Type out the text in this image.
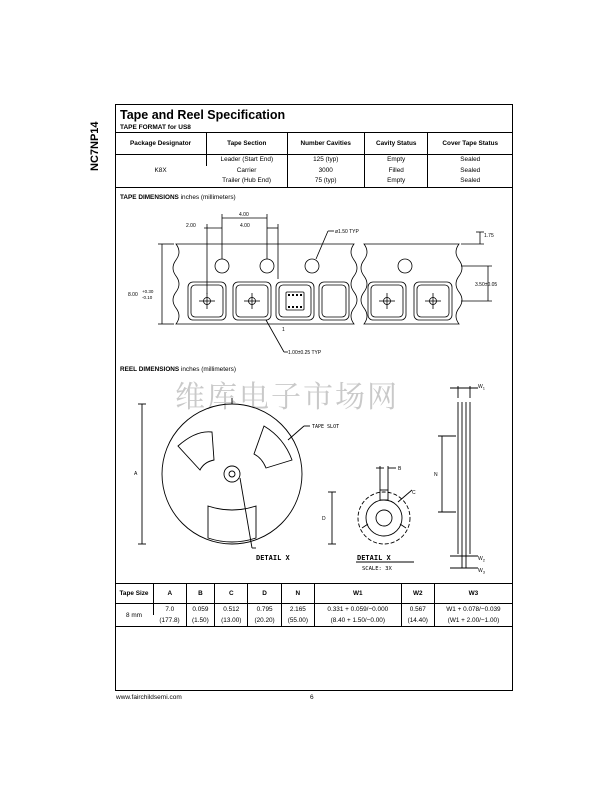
NC7NP14
Tape and Reel Specification
TAPE FORMAT for US8
Package Designator	Tape Section	Number Cavities	Cavity Status	Cover Tape Status
K8X	Leader (Start End)	125 (typ)	Empty	Sealed
	Carrier	3000	Filled	Sealed
	Trailer (Hub End)	75 (typ)	Empty	Sealed
TAPE DIMENSIONS inches (millimeters)
4.00
2.00	4.00
ø1.50 TYP
1.75
8.00
+0.30
-0.10
3.50±0.05
1.00±0.25 TYP
1
REEL DIMENSIONS inches (millimeters)
维库电子市场网
TAPE SLOT
A
B
C
D
N
$W_1$
$W_2$
$W_3$
DETAIL X	DETAIL X
SCALE: 3X
Tape Size	A	B	C	D	N	W1	W2	W3
8 mm	7.0	0.059	0.512	0.795	2.165	0.331 + 0.059/−0.000	0.567	W1 + 0.078/−0.039
	(177.8)	(1.50)	(13.00)	(20.20)	(55.00)	(8.40 + 1.50/−0.00)	(14.40)	(W1 + 2.00/−1.00)
www.fairchildsemi.com	6
